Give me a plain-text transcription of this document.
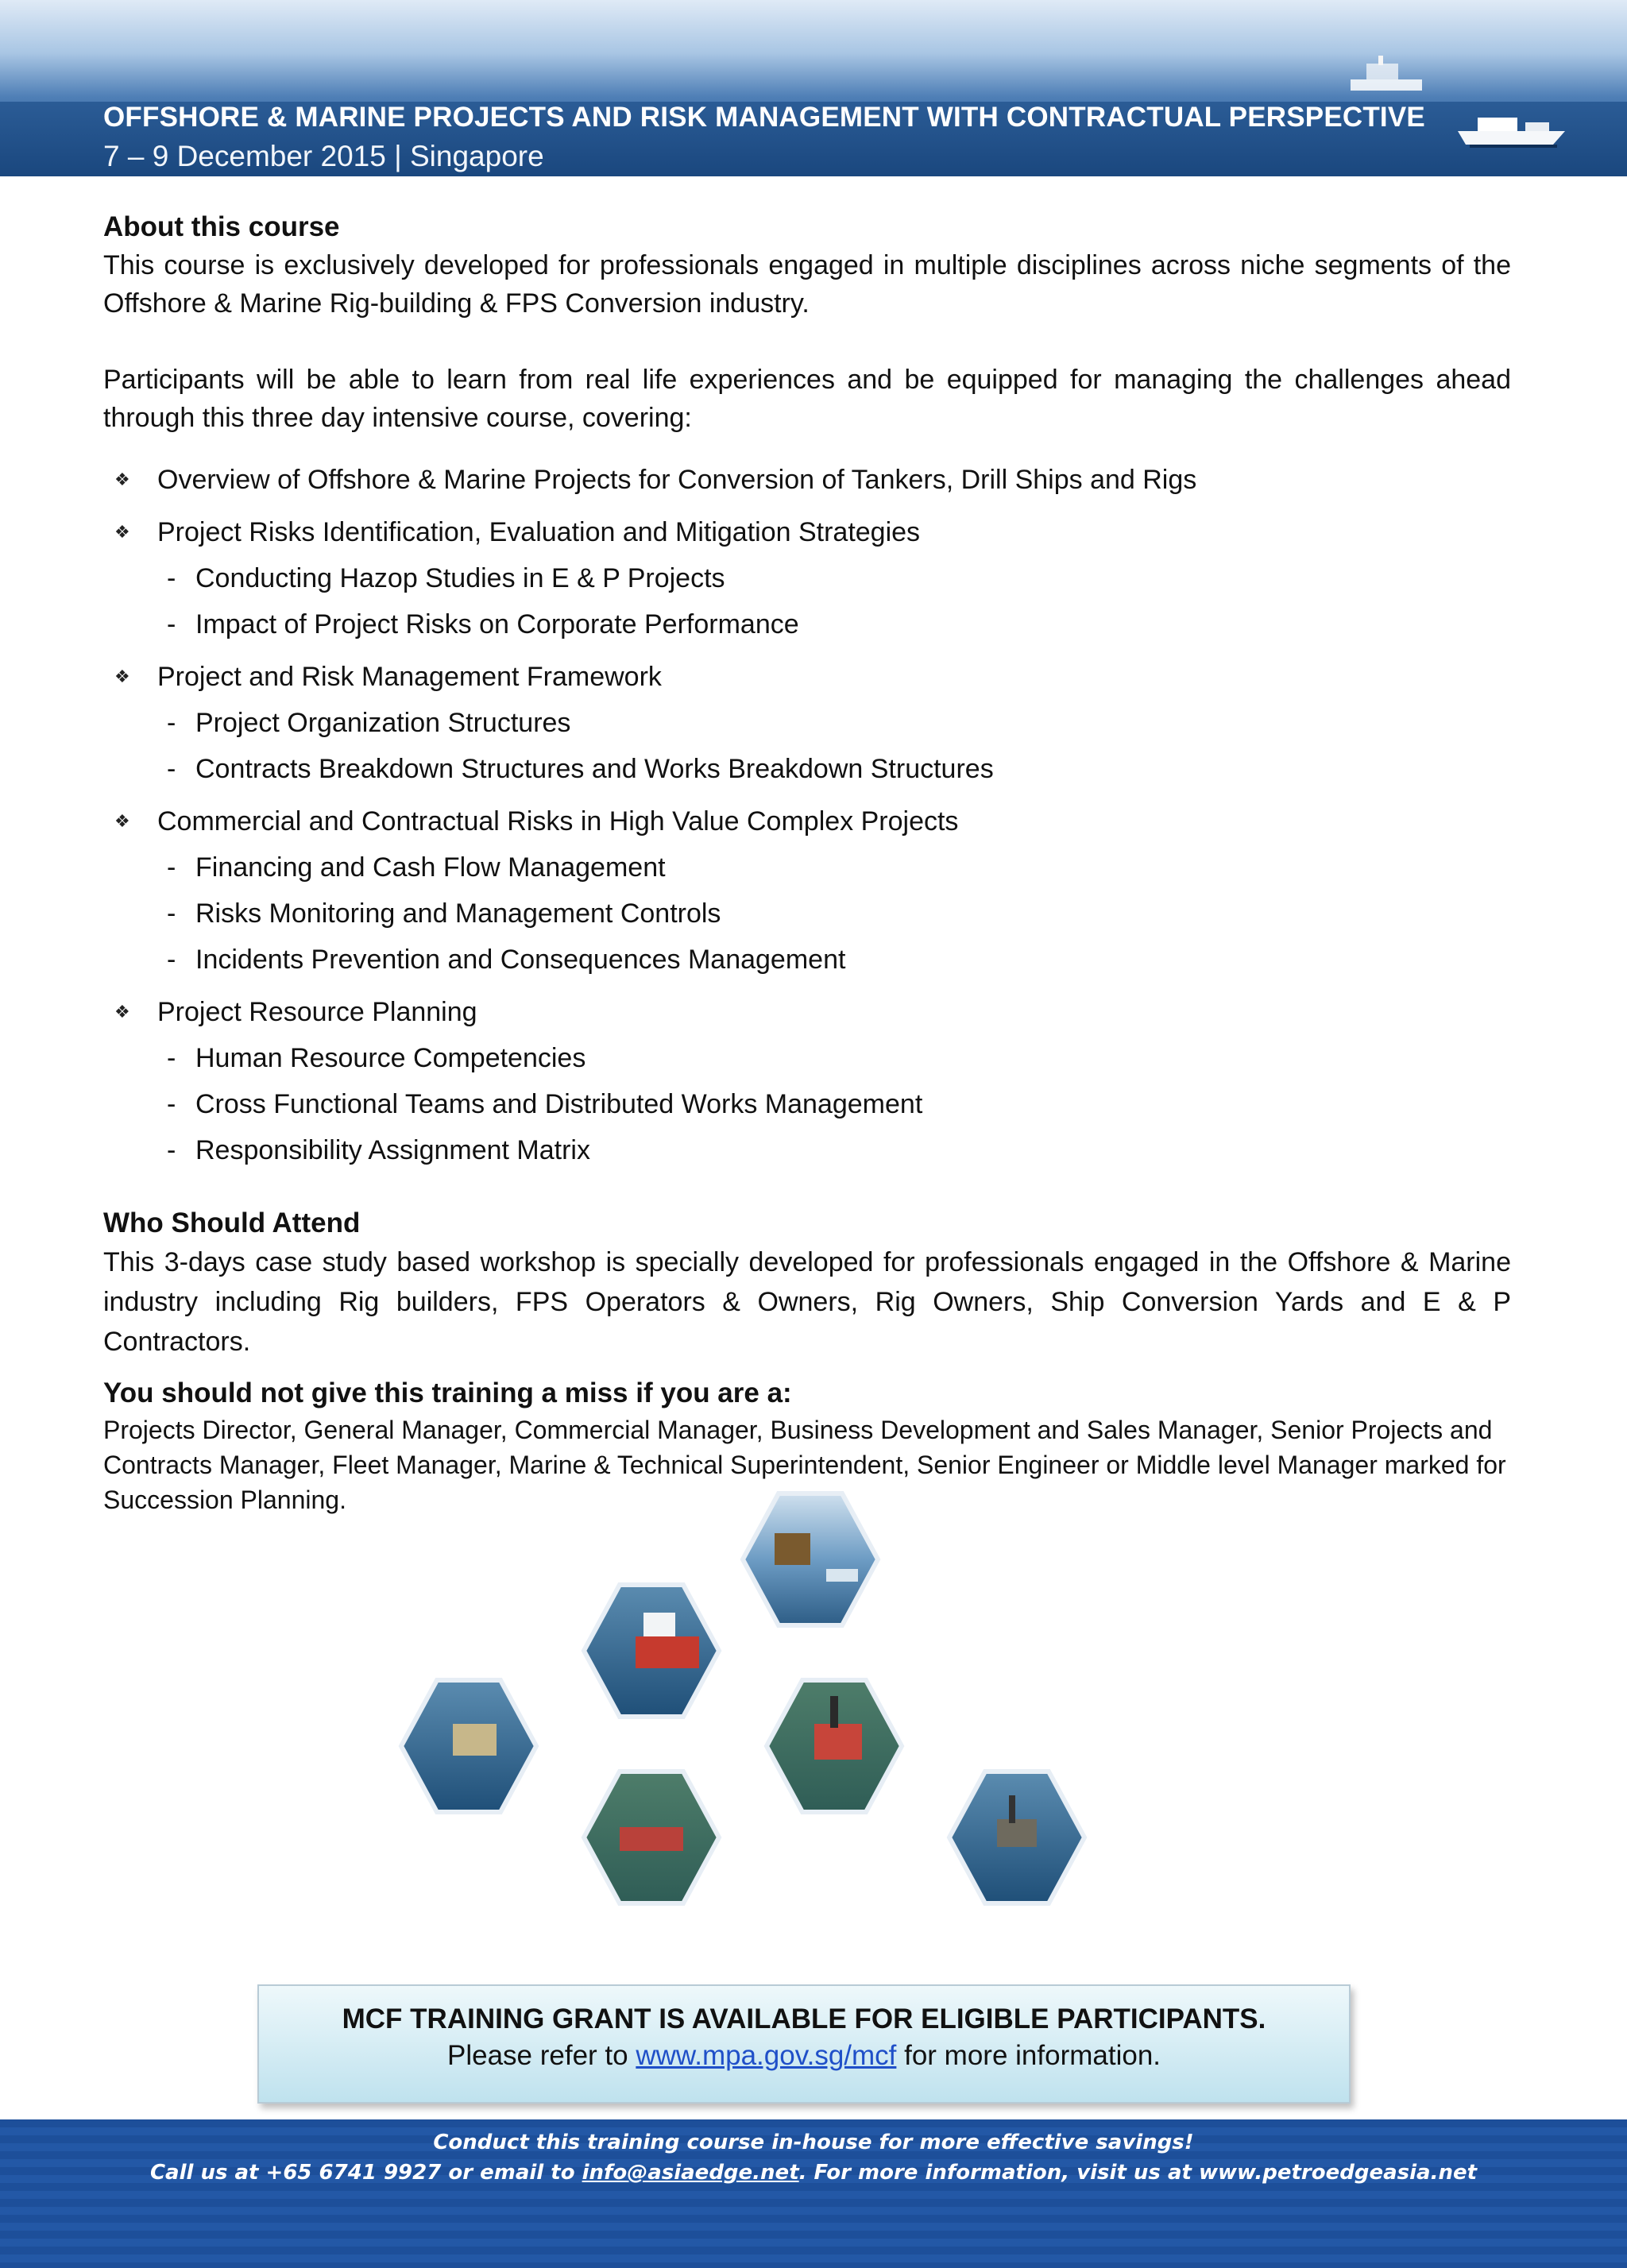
OFFSHORE & MARINE PROJECTS AND RISK MANAGEMENT WITH CONTRACTUAL PERSPECTIVE
7 – 9 December 2015 | Singapore

About this course

This course is exclusively developed for professionals engaged in multiple disciplines across niche segments of the Offshore & Marine Rig-building & FPS Conversion industry.

Participants will be able to learn from real life experiences and be equipped for managing the challenges ahead through this three day intensive course, covering:

❖ Overview of Offshore & Marine Projects for Conversion of Tankers, Drill Ships and Rigs
❖ Project Risks Identification, Evaluation and Mitigation Strategies
- Conducting Hazop Studies in E & P Projects
- Impact of Project Risks on Corporate Performance
❖ Project and Risk Management Framework
- Project Organization Structures
- Contracts Breakdown Structures and Works Breakdown Structures
❖ Commercial and Contractual Risks in High Value Complex Projects
- Financing and Cash Flow Management
- Risks Monitoring and Management Controls
- Incidents Prevention and Consequences Management
❖ Project Resource Planning
- Human Resource Competencies
- Cross Functional Teams and Distributed Works Management
- Responsibility Assignment Matrix

Who Should Attend

This 3-days case study based workshop is specially developed for professionals engaged in the Offshore & Marine industry including Rig builders, FPS Operators & Owners, Rig Owners, Ship Conversion Yards and E & P Contractors.

You should not give this training a miss if you are a:

Projects Director, General Manager, Commercial Manager, Business Development and Sales Manager, Senior Projects and Contracts Manager, Fleet Manager, Marine & Technical Superintendent, Senior Engineer or Middle level Manager marked for Succession Planning.

MCF TRAINING GRANT IS AVAILABLE FOR ELIGIBLE PARTICIPANTS.
Please refer to www.mpa.gov.sg/mcf for more information.
Conduct this training course in-house for more effective savings!
Call us at +65 6741 9927 or email to info@asiaedge.net. For more information, visit us at www.petroedgeasia.net
